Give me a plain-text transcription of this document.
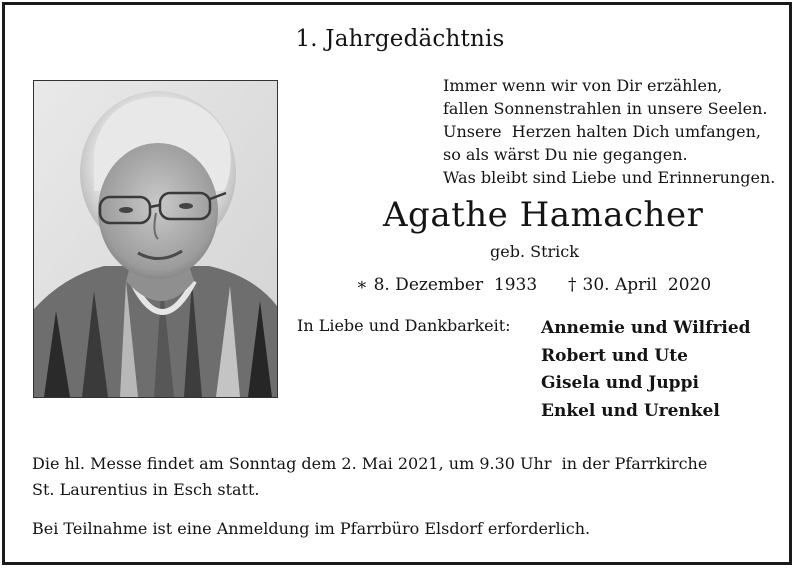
1. Jahrgedächtnis
Immer wenn wir von Dir erzählen,
fallen Sonnenstrahlen in unsere Seelen.
Unsere  Herzen halten Dich umfangen,
so als wärst Du nie gegangen.
Was bleibt sind Liebe und Erinnerungen.
Agathe Hamacher
geb. Strick
∗ 8. Dezember  1933	† 30. April  2020
In Liebe und Dankbarkeit: Annemie und Wilfried
Robert und Ute
Gisela und Juppi
Enkel und Urenkel
Die hl. Messe findet am Sonntag dem 2. Mai 2021, um 9.30 Uhr  in der Pfarrkirche
St. Laurentius in Esch statt.
Bei Teilnahme ist eine Anmeldung im Pfarrbüro Elsdorf erforderlich.
